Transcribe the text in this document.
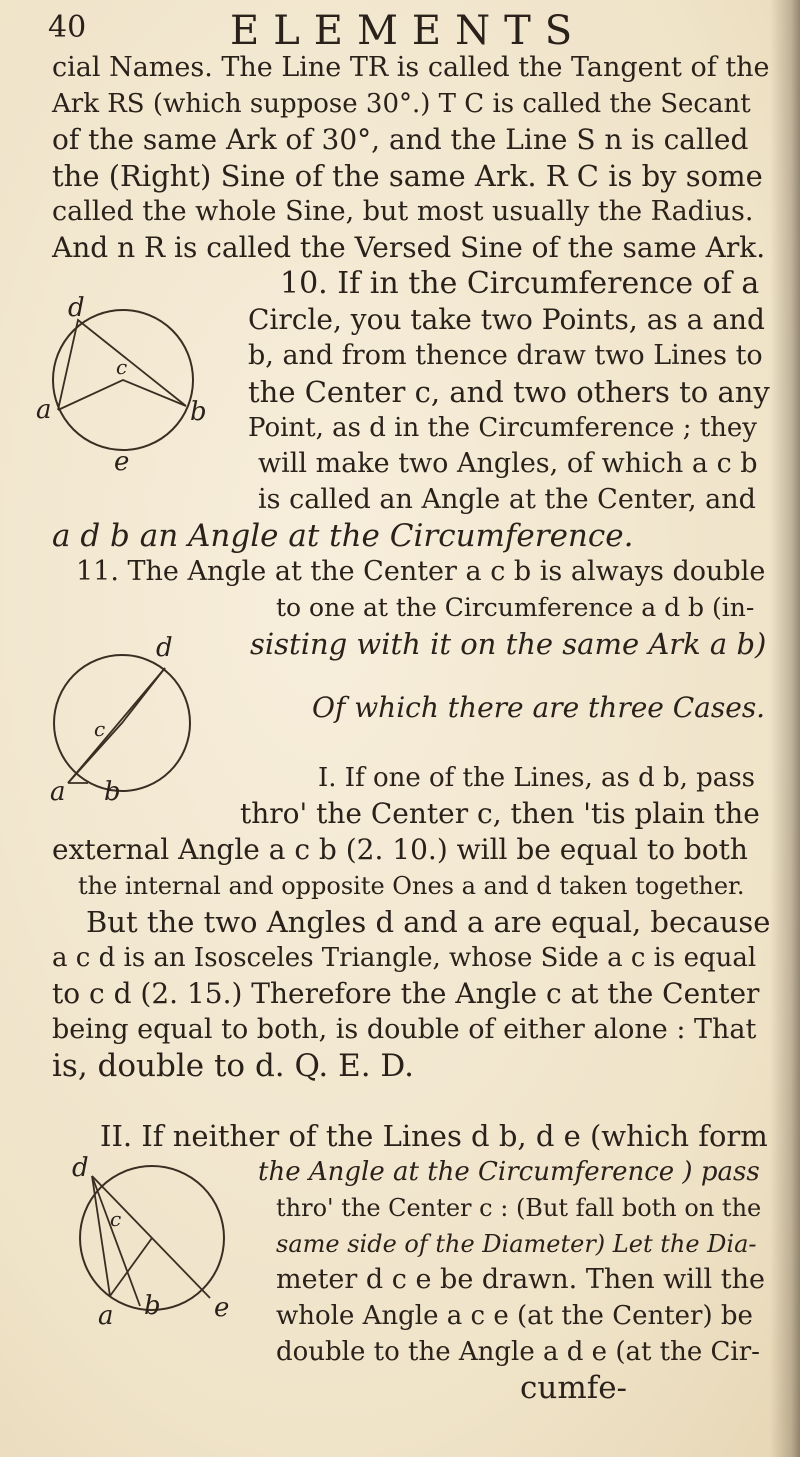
40	ELEMENTS
cial Names. The Line TR is called the Tangent of the
Ark RS (which suppose 30°.) T C is called the Secant
of the same Ark of 30°, and the Line S n is called
the (Right) Sine of the same Ark. R C is by some
called the whole Sine, but most usually the Radius.
And n R is called the Versed Sine of the same Ark.
10. If in the Circumference of a
Circle, you take two Points, as a and
b, and from thence draw two Lines to
the Center c, and two others to any
Point, as d in the Circumference ; they
will make two Angles, of which a c b
is called an Angle at the Center, and
a d b an Angle at the Circumference.
11. The Angle at the Center a c b is always double
to one at the Circumference a d b (in-
sisting with it on the same Ark a b)
Of which there are three Cases.
I. If one of the Lines, as d b, pass
thro' the Center c, then 'tis plain the
external Angle a c b (2. 10.) will be equal to both
the internal and opposite Ones a and d taken together.
But the two Angles d and a are equal, because
a c d is an Isosceles Triangle, whose Side a c is equal
to c d (2. 15.) Therefore the Angle c at the Center
being equal to both, is double of either alone : That
is, double to d. Q. E. D.
II. If neither of the Lines d b, d e (which form
the Angle at the Circumference ) pass
thro' the Center c : (But fall both on the
same side of the Diameter) Let the Dia-
meter d c e be drawn. Then will the
whole Angle a c e (at the Center) be
double to the Angle a d e (at the Cir-
cumfe-
d
c
a	b
e
d
c
a b
d
c
e
a b
